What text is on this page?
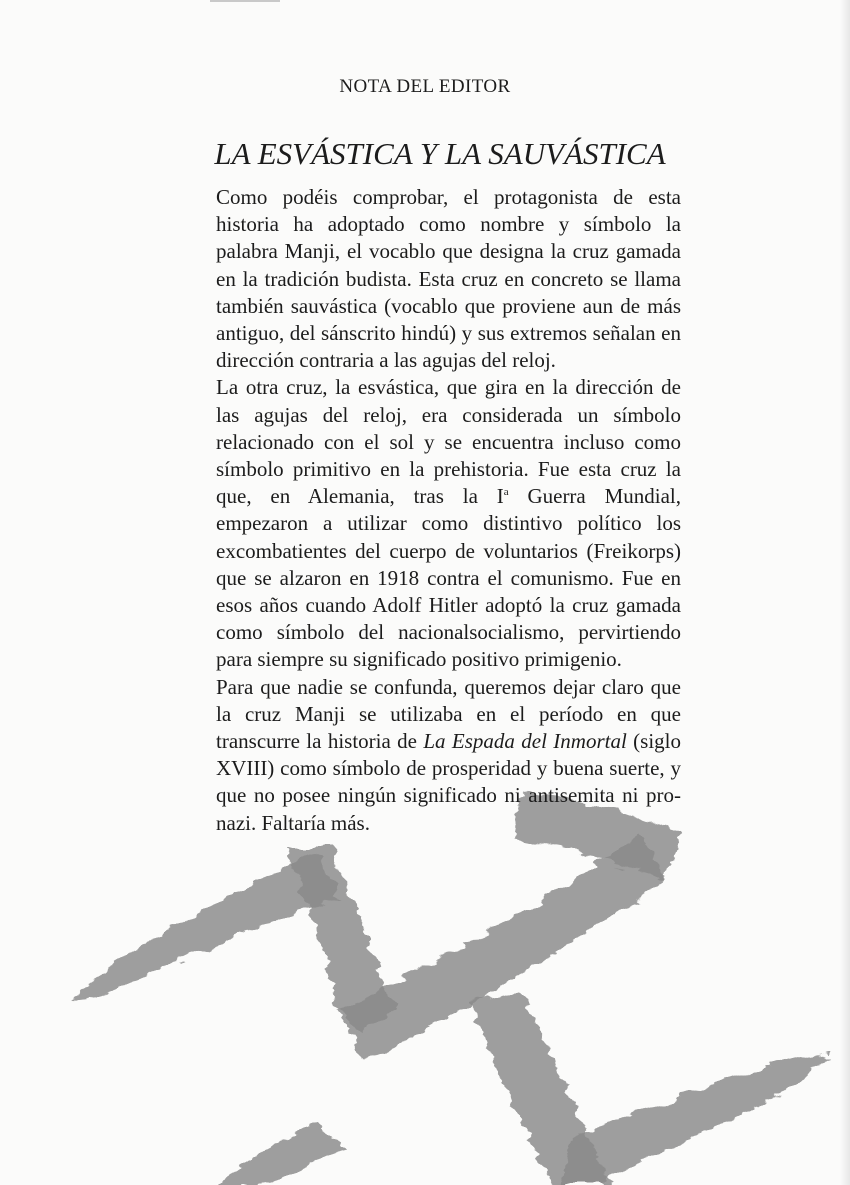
NOTA DEL EDITOR
LA ESVÁSTICA Y LA SAUVÁSTICA

Como podéis comprobar, el protagonista de esta historia ha adoptado como nombre y símbolo la palabra Manji, el vocablo que designa la cruz gamada en la tradición budista. Esta cruz en concreto se llama también sauvástica (vocablo que proviene aun de más antiguo, del sánscrito hindú) y sus extremos señalan en dirección contraria a las agujas del reloj.

La otra cruz, la esvástica, que gira en la dirección de las agujas del reloj, era considerada un símbolo relacionado con el sol y se encuentra incluso como símbolo primitivo en la prehistoria. Fue esta cruz la que, en Alemania, tras la $I^a$ Guerra Mundial, empezaron a utilizar como distintivo político los excombatientes del cuerpo de voluntarios (Freikorps) que se alzaron en 1918 contra el comunismo. Fue en esos años cuando Adolf Hitler adoptó la cruz gamada como símbolo del nacionalsocialismo, pervirtiendo para siempre su significado positivo primigenio.

Para que nadie se confunda, queremos dejar claro que la cruz Manji se utilizaba en el período en que transcurre la historia de La Espada del Inmortal (siglo XVIII) como símbolo de prosperidad y buena suerte, y que no posee ningún significado ni antisemita ni pro-nazi. Faltaría más.
